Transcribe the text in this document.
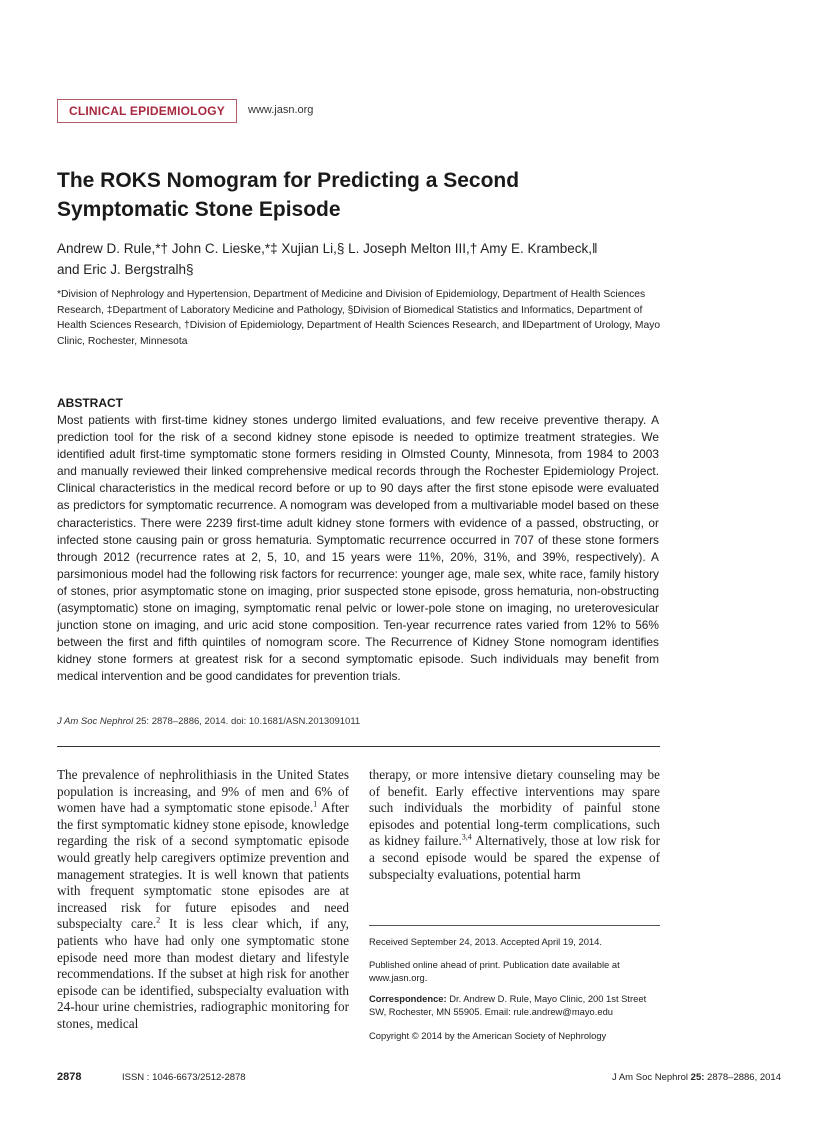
CLINICAL EPIDEMIOLOGY	www.jasn.org
The ROKS Nomogram for Predicting a Second
Symptomatic Stone Episode
Andrew D. Rule,*† John C. Lieske,*‡ Xujian Li,§ L. Joseph Melton III,† Amy E. Krambeck,‖
and Eric J. Bergstralh§
*Division of Nephrology and Hypertension, Department of Medicine and Division of Epidemiology, Department of Health Sciences Research, ‡Department of Laboratory Medicine and Pathology, §Division of Biomedical Statistics and Informatics, Department of Health Sciences Research, †Division of Epidemiology, Department of Health Sciences Research, and ‖Department of Urology, Mayo Clinic, Rochester, Minnesota
ABSTRACT
Most patients with first-time kidney stones undergo limited evaluations, and few receive preventive therapy. A prediction tool for the risk of a second kidney stone episode is needed to optimize treatment strategies. We identified adult first-time symptomatic stone formers residing in Olmsted County, Minnesota, from 1984 to 2003 and manually reviewed their linked comprehensive medical records through the Rochester Epidemiology Project. Clinical characteristics in the medical record before or up to 90 days after the first stone episode were evaluated as predictors for symptomatic recurrence. A nomogram was developed from a multivariable model based on these characteristics. There were 2239 first-time adult kidney stone formers with evidence of a passed, obstructing, or infected stone causing pain or gross hematuria. Symptomatic recurrence occurred in 707 of these stone formers through 2012 (recurrence rates at 2, 5, 10, and 15 years were 11%, 20%, 31%, and 39%, respectively). A parsimonious model had the following risk factors for recurrence: younger age, male sex, white race, family history of stones, prior asymptomatic stone on imaging, prior suspected stone episode, gross hematuria, non-obstructing (asymptomatic) stone on imaging, symptomatic renal pelvic or lower-pole stone on imaging, no ureterovesicular junction stone on imaging, and uric acid stone composition. Ten-year recurrence rates varied from 12% to 56% between the first and fifth quintiles of nomogram score. The Recurrence of Kidney Stone nomogram identifies kidney stone formers at greatest risk for a second symptomatic episode. Such individuals may benefit from medical intervention and be good candidates for prevention trials.
J Am Soc Nephrol 25: 2878–2886, 2014. doi: 10.1681/ASN.2013091011

The prevalence of nephrolithiasis in the United States population is increasing, and 9% of men and 6% of women have had a symptomatic stone episode.$^1$ After the first symptomatic kidney stone episode, knowledge regarding the risk of a second symptomatic episode would greatly help caregivers optimize prevention and management strategies. It is well known that patients with frequent symptomatic stone episodes are at increased risk for future episodes and need subspecialty care.$^2$ It is less clear which, if any, patients who have had only one symptomatic stone episode need more than modest dietary and lifestyle recommendations. If the subset at high risk for another episode can be identified, subspecialty evaluation with 24-hour urine chemistries, radiographic monitoring for stones, medical

therapy, or more intensive dietary counseling may be of benefit. Early effective interventions may spare such individuals the morbidity of painful stone episodes and potential long-term complications, such as kidney failure.$^{3,4}$ Alternatively, those at low risk for a second episode would be spared the expense of subspecialty evaluations, potential harm

Received September 24, 2013. Accepted April 19, 2014.
Published online ahead of print. Publication date available at www.jasn.org.
Correspondence: Dr. Andrew D. Rule, Mayo Clinic, 200 1st Street SW, Rochester, MN 55905. Email: rule.andrew@mayo.edu
Copyright © 2014 by the American Society of Nephrology
2878	ISSN : 1046-6673/2512-2878	J Am Soc Nephrol 25: 2878–2886, 2014
